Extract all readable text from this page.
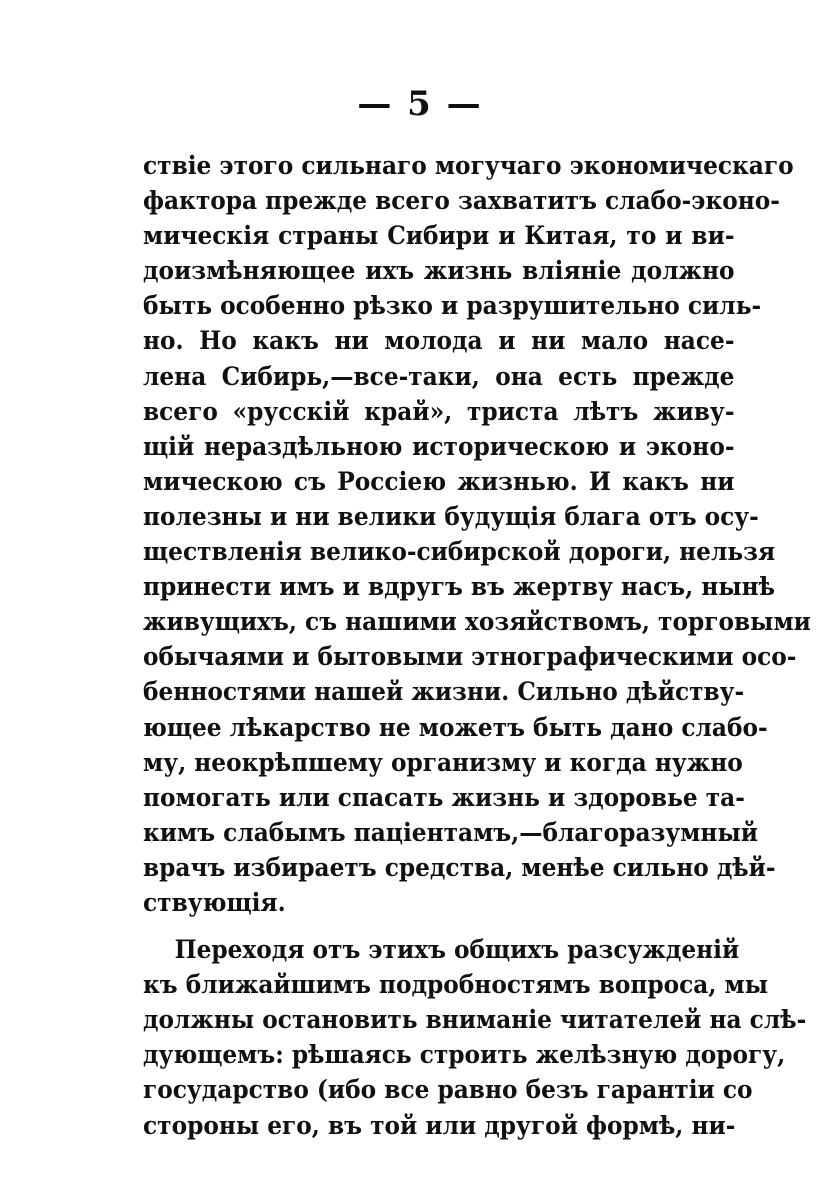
— 5 —
ствіе этого сильнаго могучаго экономическаго
фактора прежде всего захватитъ слабо-эконо-
мическія страны Сибири и Китая, то и ви-
доизмѣняющее ихъ жизнь вліяніе должно
быть особенно рѣзко и разрушительно силь-
но. Но какъ ни молода и ни мало насе-
лена Сибирь,—все-таки, она есть прежде
всего «русскій край», триста лѣтъ живу-
щій нераздѣльною историческою и эконо-
мическою съ Россіею жизнью. И какъ ни
полезны и ни велики будущія блага отъ осу-
ществленія велико-сибирской дороги, нельзя
принести имъ и вдругъ въ жертву насъ, нынѣ
живущихъ, съ нашими хозяйствомъ, торговыми
обычаями и бытовыми этнографическими осо-
бенностями нашей жизни. Сильно дѣйству-
ющее лѣкарство не можетъ быть дано слабо-
му, неокрѣпшему организму и когда нужно
помогать или спасать жизнь и здоровье та-
кимъ слабымъ паціентамъ,—благоразумный
врачъ избираетъ средства, менѣе сильно дѣй-
ствующія.
Переходя отъ этихъ общихъ разсужденій
къ ближайшимъ подробностямъ вопроса, мы
должны остановить вниманіе читателей на слѣ-
дующемъ: рѣшаясь строить желѣзную дорогу,
государство (ибо все равно безъ гарантіи со
стороны его, въ той или другой формѣ, ни-
